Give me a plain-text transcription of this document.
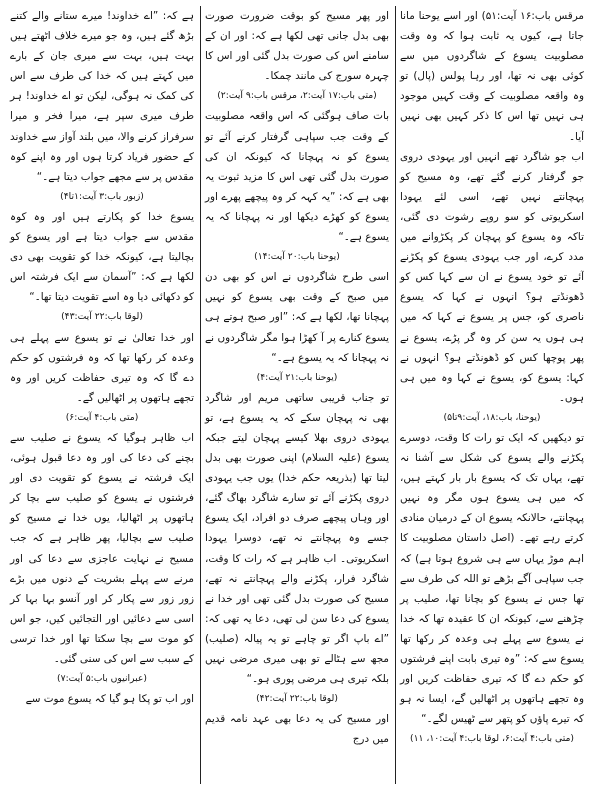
مرقس باب:۱۶ آیت:۵۱) اور اسے یوحنا مانا جاتا ہے، کیوں یہ ثابت ہوا کہ وہ وقت مصلوبیت یسوع کے شاگردوں میں سے کوئی بھی نہ تھا، اور رہا پولس (پال) تو وہ واقعہ مصلوبیت کے وقت کہیں موجود ہی نہیں تھا اس کا ذکر کہیں بھی نہیں آیا۔

اب جو شاگرد تھے انہیں اور یہودی دروی جو گرفتار کرنے گئے تھے، وہ مسیح کو پہچانتے نہیں تھے، اسی لئے یہودا اسکریوتی کو سو روپے رشوت دی گئی، تاکہ وہ یسوع کو پہچان کر پکڑوانے میں مدد کرے، اور جب یہودی یسوع کو پکڑنے آئے تو خود یسوع نے ان سے کہا کس کو ڈھونڈتے ہو؟ انہوں نے کہا کہ یسوع ناصری کو، جس پر یسوع نے کہا کہ میں ہی ہوں یہ سن کر وہ گر پڑے، یسوع نے پھر پوچھا کس کو ڈھونڈتے ہو؟ انہوں نے کہا: یسوع کو، یسوع نے کہا وہ میں ہی ہوں۔

(یوحنا، باب:۱۸، آیت:۹تا۵)

تو دیکھیں کہ ایک تو رات کا وقت، دوسرے پکڑنے والے یسوع کی شکل سے آشنا نہ تھے، یہاں تک کہ یسوع بار بار کہتے ہیں، کہ میں ہی یسوع ہوں مگر وہ نہیں پہچانتے، حالانکہ یسوع ان کے درمیان منادی کرتے رہے تھے۔ (اصل داستان مصلوبیت کا اہم موڑ یہاں سے ہی شروع ہوتا ہے) کہ جب سپاہی آگے بڑھے تو اللہ کی طرف سے تھا جس نے یسوع کو بچانا تھا، صلیب پر چڑھنے سے، کیونکہ ان کا عقیدہ تھا کہ خدا نے یسوع سے پہلے ہی وعدہ کر رکھا تھا یسوع سے کہ: ”وہ تیری بابت اپنے فرشتوں کو حکم دے گا کہ تیری حفاظت کریں اور وہ تجھے ہاتھوں پر اٹھالیں گے، ایسا نہ ہو کہ تیرے پاؤں کو پتھر سے ٹھیس لگے۔“

(متی باب:۴ آیت:۶، لوقا باب:۴ آیت:۱۰، ۱۱)

اور پھر مسیح کو بوقت ضرورت صورت بھی بدل جانی تھی لکھا ہے کہ: اور ان کے سامنے اس کی صورت بدل گئی اور اس کا چہرہ سورج کی مانند چمکا۔

(متی باب:۱۷ آیت:۲، مرقس باب:۹ آیت:۲)

بات صاف ہوگئی کہ اس واقعہ مصلوبیت کے وقت جب سپاہی گرفتار کرنے آئے تو یسوع کو نہ پہچانا کہ کیونکہ ان کی صورت بدل گئی تھی اس کا مزید ثبوت یہ بھی ہے کہ: ”یہ کہہ کر وہ پیچھے پھرے اور یسوع کو کھڑے دیکھا اور نہ پہچانا کہ یہ یسوع ہے۔“

(یوحنا باب:۲۰ آیت:۱۴)

اسی طرح شاگردوں نے اس کو بھی دن میں صبح کے وقت بھی یسوع کو نہیں پہچانا تھا، لکھا ہے کہ: ”اور صبح ہوتے ہی یسوع کنارے پر آ کھڑا ہوا مگر شاگردوں نے نہ پہچانا کہ یہ یسوع ہے۔“

(یوحنا باب:۲۱ آیت:۴)

تو جناب قریبی ساتھی مریم اور شاگرد بھی نہ پہچان سکے کہ یہ یسوع ہے، تو یہودی دروی بھلا کیسے پہچان لیتے جبکہ یسوع (علیہ السلام) اپنی صورت بھی بدل لیتا تھا (بذریعہ حکم خدا) یوں جب یہودی دروی پکڑنے آئے تو سارے شاگرد بھاگ گئے، اور وہاں پیچھے صرف دو افراد، ایک یسوع جسے وہ پہچانتے نہ تھے، دوسرا یہودا اسکریوتی۔ اب ظاہر ہے کہ رات کا وقت، شاگرد فرار، پکڑنے والے پہچانتے نہ تھے، مسیح کی صورت بدل گئی تھی اور خدا نے یسوع کی دعا سن لی تھی، دعا یہ تھی کہ: ”اے باپ اگر تو چاہے تو یہ پیالہ (صلیب) مجھ سے ہٹالے تو بھی میری مرضی نہیں بلکہ تیری ہی مرضی پوری ہو۔“

(لوقا باب:۲۲ آیت:۴۲)

اور مسیح کی یہ دعا بھی عہد نامہ قدیم میں درج

ہے کہ: ”اے خداوند! میرے ستانے والے کتنے بڑھ گئے ہیں، وہ جو میرے خلاف اٹھتے ہیں بہت ہیں، بہت سے میری جان کے بارے میں کہتے ہیں کہ خدا کی طرف سے اس کی کمک نہ ہوگی، لیکن تو اے خداوند! ہر طرف میری سپر ہے، میرا فخر و میرا سرفراز کرنے والا، میں بلند آواز سے خداوند کے حضور فریاد کرتا ہوں اور وہ اپنے کوہ مقدس پر سے مجھے جواب دیتا ہے۔“

(زبور باب:۳ آیت:۱تا۴)

یسوع خدا کو پکارتے ہیں اور وہ کوہ مقدس سے جواب دیتا ہے اور یسوع کو بچالیتا ہے، کیونکہ خدا کو تقویت بھی دی لکھا ہے کہ: ”آسمان سے ایک فرشتہ اس کو دکھائی دیا وہ اسے تقویت دیتا تھا۔“

(لوقا باب:۲۲ آیت:۴۳)

اور خدا تعالیٰ نے تو یسوع سے پہلے ہی وعدہ کر رکھا تھا کہ وہ فرشتوں کو حکم دے گا کہ وہ تیری حفاظت کریں اور وہ تجھے ہاتھوں پر اٹھالیں گے۔

(متی باب:۴ آیت:۶)

اب ظاہر ہوگیا کہ یسوع نے صلیب سے بچنے کی دعا کی اور وہ دعا قبول ہوئی، ایک فرشتہ نے یسوع کو تقویت دی اور فرشتوں نے یسوع کو صلیب سے بچا کر ہاتھوں پر اٹھالیا، یوں خدا نے مسیح کو صلیب سے بچالیا، پھر ظاہر ہے کہ جب مسیح نے نہایت عاجزی سے دعا کی اور مرنے سے پہلے بشریت کے دنوں میں بڑے زور زور سے پکار کر اور آنسو بہا بہا کر اسی سے دعائیں اور التجائیں کیں، جو اس کو موت سے بچا سکتا تھا اور خدا ترسی کے سبب سے اس کی سنی گئی۔

(عبرانیوں باب:۵ آیت:۷)

اور اب تو پکا ہو گیا کہ یسوع موت سے
